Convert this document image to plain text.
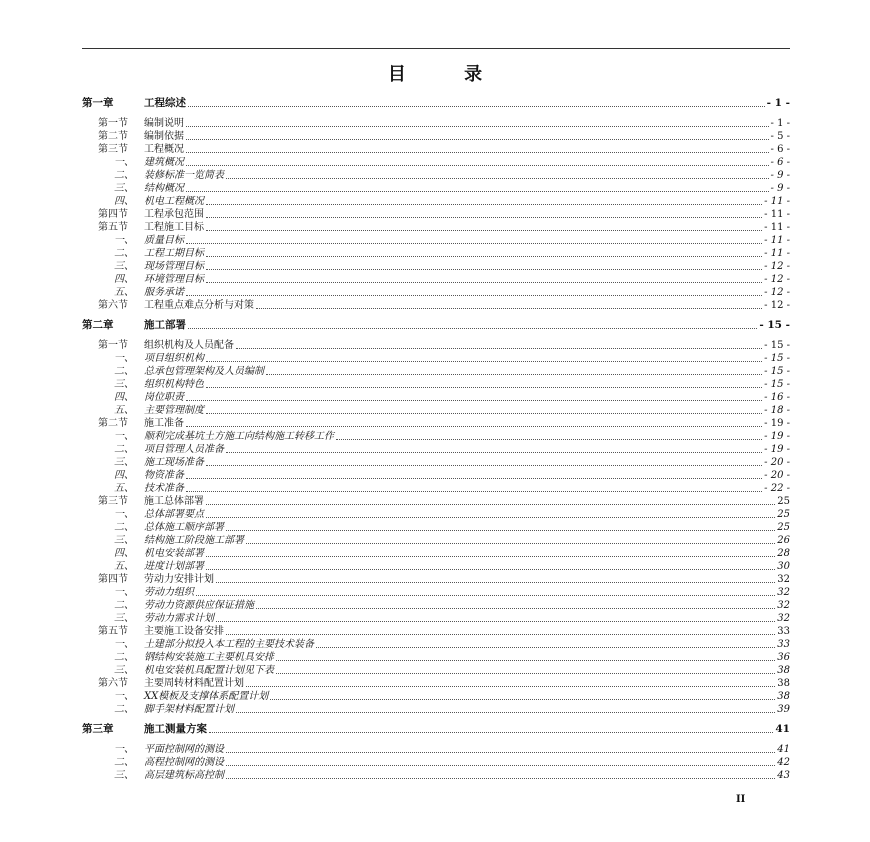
目 录
第一章	工程综述	- 1 -
第一节	编制说明	- 1 -
第二节	编制依据	- 5 -
第三节	工程概况	- 6 -
一、	建筑概况	- 6 -
二、	装修标准一览简表	- 9 -
三、	结构概况	- 9 -
四、	机电工程概况	- 11 -
第四节	工程承包范围	- 11 -
第五节	工程施工目标	- 11 -
一、	质量目标	- 11 -
二、	工程工期目标	- 11 -
三、	现场管理目标	- 12 -
四、	环境管理目标	- 12 -
五、	服务承诺	- 12 -
第六节	工程重点难点分析与对策	- 12 -
第二章	施工部署	- 15 -
第一节	组织机构及人员配备	- 15 -
一、	项目组织机构	- 15 -
二、	总承包管理架构及人员编制	- 15 -
三、	组织机构特色	- 15 -
四、	岗位职责	- 16 -
五、	主要管理制度	- 18 -
第二节	施工准备	- 19 -
一、	顺利完成基坑土方施工向结构施工转移工作	- 19 -
二、	项目管理人员准备	- 19 -
三、	施工现场准备	- 20 -
四、	物资准备	- 20 -
五、	技术准备	- 22 -
第三节	施工总体部署	25
一、	总体部署要点	25
二、	总体施工顺序部署	25
三、	结构施工阶段施工部署	26
四、	机电安装部署	28
五、	进度计划部署	30
第四节	劳动力安排计划	32
一、	劳动力组织	32
二、	劳动力资源供应保证措施	32
三、	劳动力需求计划	32
第五节	主要施工设备安排	33
一、	土建部分拟投入本工程的主要技术装备	33
二、	钢结构安装施工主要机具安排	36
三、	机电安装机具配置计划见下表	38
第六节	主要周转材料配置计划	38
一、	XX模板及支撑体系配置计划	38
二、	脚手架材料配置计划	39
第三章	施工测量方案	41
一、	平面控制网的测设	41
二、	高程控制网的测设	42
三、	高层建筑标高控制	43
II
